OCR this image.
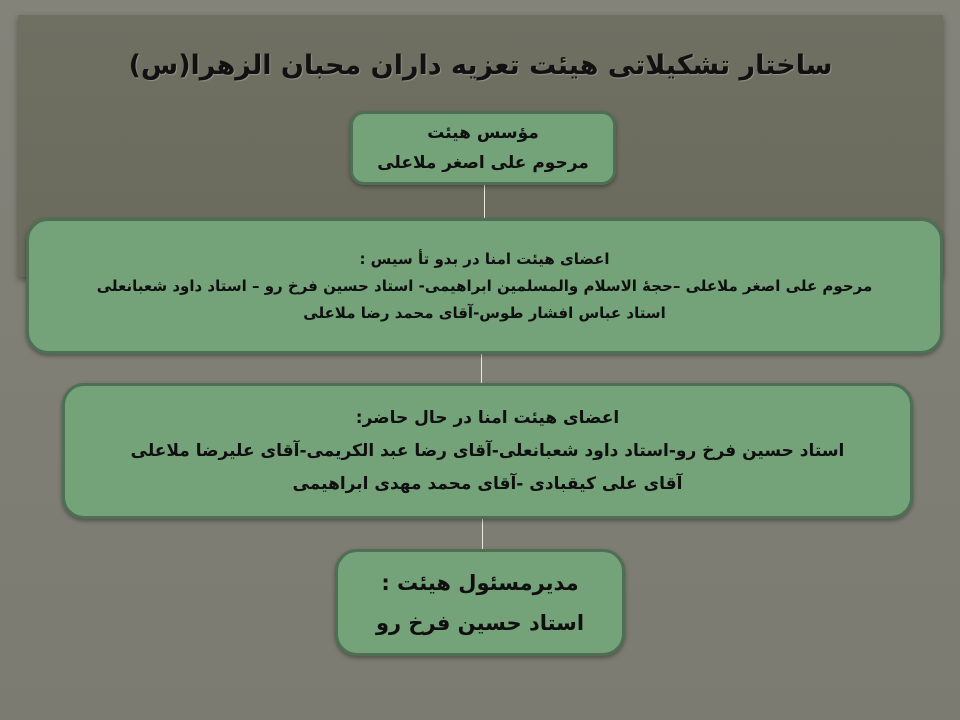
ساختار تشکیلاتی هیئت تعزیه داران محبان الزهرا(س)
مؤسس هیئت
مرحوم علی اصغر ملاعلی
اعضای هیئت امنا در بدو تأ سیس :
مرحوم علی اصغر ملاعلی –حجۀ الاسلام والمسلمین ابراهیمی- استاد حسین فرخ رو – استاد داود شعبانعلی
استاد عباس افشار طوس-آقای محمد رضا ملاعلی
اعضای هیئت امنا در حال حاضر:
استاد حسین فرخ رو-استاد داود شعبانعلی-آقای رضا عبد الکریمی-آقای علیرضا ملاعلی
آقای علی کیقبادی -آقای محمد مهدی ابراهیمی
مدیرمسئول هیئت :
استاد حسین فرخ رو
